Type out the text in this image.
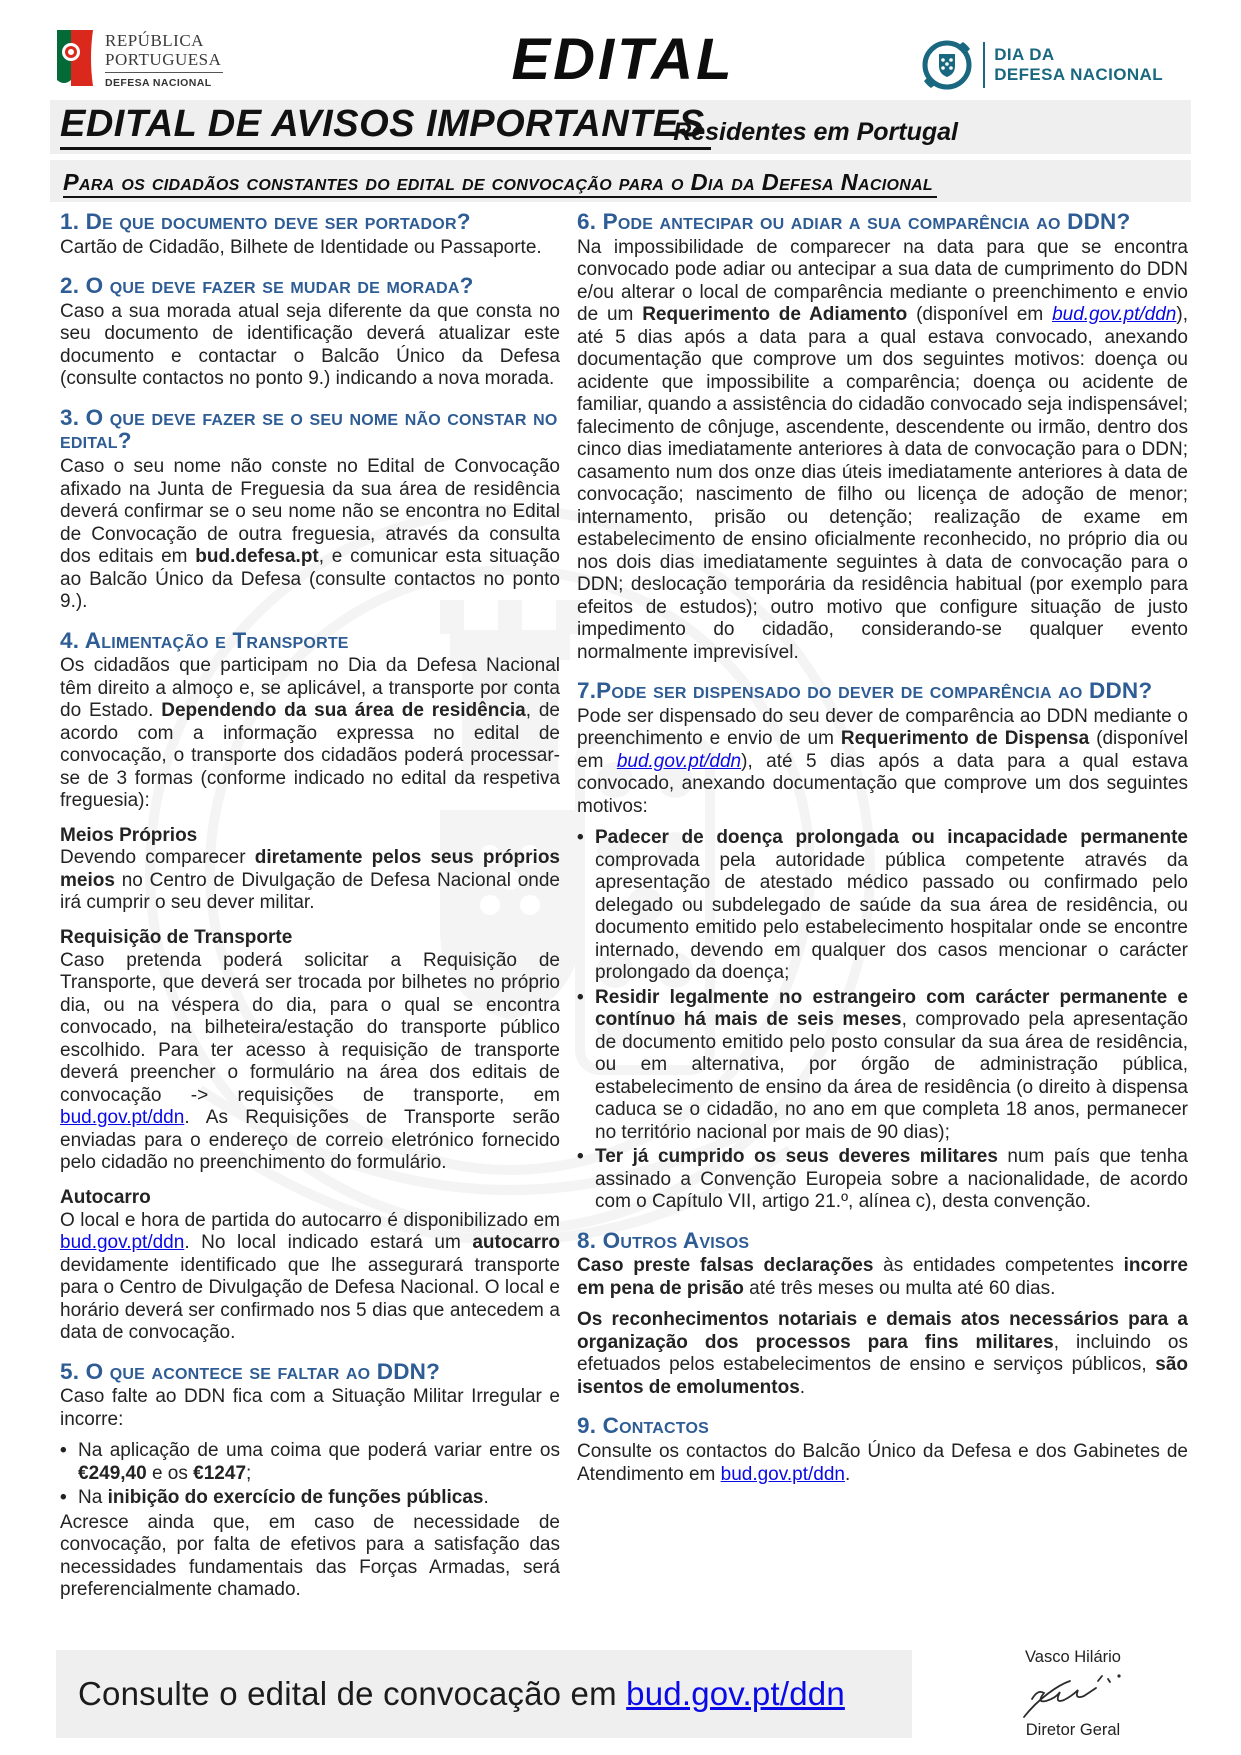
REPÚBLICA
PORTUGUESA
DEFESA NACIONAL	EDITAL	DIA DA
DEFESA NACIONAL
EDITAL DE AVISOS IMPORTANTES
Residentes em Portugal
Para os cidadãos constantes do edital de convocação para o Dia da Defesa Nacional
1. De que documento deve ser portador?

Cartão de Cidadão, Bilhete de Identidade ou Passaporte.

2. O que deve fazer se mudar de morada?

Caso a sua morada atual seja diferente da que consta no seu documento de identificação deverá atualizar este documento e contactar o Balcão Único da Defesa (consulte contactos no ponto 9.) indicando a nova morada.

3. O que deve fazer se o seu nome não constar no edital?

Caso o seu nome não conste no Edital de Convocação afixado na Junta de Freguesia da sua área de residência deverá confirmar se o seu nome não se encontra no Edital de Convocação de outra freguesia, através da consulta dos editais em bud.defesa.pt, e comunicar esta situação ao Balcão Único da Defesa (consulte contactos no ponto 9.).

4. Alimentação e Transporte

Os cidadãos que participam no Dia da Defesa Nacional têm direito a almoço e, se aplicável, a transporte por conta do Estado. Dependendo da sua área de residência, de acordo com a informação expressa no edital de convocação, o transporte dos cidadãos poderá processar-se de 3 formas (conforme indicado no edital da respetiva freguesia):

Meios Próprios

Devendo comparecer diretamente pelos seus próprios meios no Centro de Divulgação de Defesa Nacional onde irá cumprir o seu dever militar.

Requisição de Transporte

Caso pretenda poderá solicitar a Requisição de Transporte, que deverá ser trocada por bilhetes no próprio dia, ou na véspera do dia, para o qual se encontra convocado, na bilheteira/estação do transporte público escolhido. Para ter acesso à requisição de transporte deverá preencher o formulário na área dos editais de convocação -> requisições de transporte, em bud.gov.pt/ddn. As Requisições de Transporte serão enviadas para o endereço de correio eletrónico fornecido pelo cidadão no preenchimento do formulário.

Autocarro

O local e hora de partida do autocarro é disponibilizado em bud.gov.pt/ddn. No local indicado estará um autocarro devidamente identificado que lhe assegurará transporte para o Centro de Divulgação de Defesa Nacional. O local e horário deverá ser confirmado nos 5 dias que antecedem a data de convocação.

5. O que acontece se faltar ao DDN?

Caso falte ao DDN fica com a Situação Militar Irregular e incorre:

• Na aplicação de uma coima que poderá variar entre os €249,40 e os €1247;
• Na inibição do exercício de funções públicas.

Acresce ainda que, em caso de necessidade de convocação, por falta de efetivos para a satisfação das necessidades fundamentais das Forças Armadas, será preferencialmente chamado.

6. Pode antecipar ou adiar a sua comparência ao DDN?

Na impossibilidade de comparecer na data para que se encontra convocado pode adiar ou antecipar a sua data de cumprimento do DDN e/ou alterar o local de comparência mediante o preenchimento e envio de um Requerimento de Adiamento (disponível em bud.gov.pt/ddn), até 5 dias após a data para a qual estava convocado, anexando documentação que comprove um dos seguintes motivos: doença ou acidente que impossibilite a comparência; doença ou acidente de familiar, quando a assistência do cidadão convocado seja indispensável; falecimento de cônjuge, ascendente, descendente ou irmão, dentro dos cinco dias imediatamente anteriores à data de convocação para o DDN; casamento num dos onze dias úteis imediatamente anteriores à data de convocação; nascimento de filho ou licença de adoção de menor; internamento, prisão ou detenção; realização de exame em estabelecimento de ensino oficialmente reconhecido, no próprio dia ou nos dois dias imediatamente seguintes à data de convocação para o DDN; deslocação temporária da residência habitual (por exemplo para efeitos de estudos); outro motivo que configure situação de justo impedimento do cidadão, considerando-se qualquer evento normalmente imprevisível.

7.Pode ser dispensado do dever de comparência ao DDN?

Pode ser dispensado do seu dever de comparência ao DDN mediante o preenchimento e envio de um Requerimento de Dispensa (disponível em bud.gov.pt/ddn), até 5 dias após a data para a qual estava convocado, anexando documentação que comprove um dos seguintes motivos:

• Padecer de doença prolongada ou incapacidade permanente comprovada pela autoridade pública competente através da apresentação de atestado médico passado ou confirmado pelo delegado ou subdelegado de saúde da sua área de residência, ou documento emitido pelo estabelecimento hospitalar onde se encontre internado, devendo em qualquer dos casos mencionar o carácter prolongado da doença;
• Residir legalmente no estrangeiro com carácter permanente e contínuo há mais de seis meses, comprovado pela apresentação de documento emitido pelo posto consular da sua área de residência, ou em alternativa, por órgão de administração pública, estabelecimento de ensino da área de residência (o direito à dispensa caduca se o cidadão, no ano em que completa 18 anos, permanecer no território nacional por mais de 90 dias);
• Ter já cumprido os seus deveres militares num país que tenha assinado a Convenção Europeia sobre a nacionalidade, de acordo com o Capítulo VII, artigo 21.º, alínea c), desta convenção.
8. Outros Avisos

Caso preste falsas declarações às entidades competentes incorre em pena de prisão até três meses ou multa até 60 dias.

Os reconhecimentos notariais e demais atos necessários para a organização dos processos para fins militares, incluindo os efetuados pelos estabelecimentos de ensino e serviços públicos, são isentos de emolumentos.

9. Contactos

Consulte os contactos do Balcão Único da Defesa e dos Gabinetes de Atendimento em bud.gov.pt/ddn.

Consulte o edital de convocação em bud.gov.pt/ddn
Vasco Hilário
Diretor Geral
